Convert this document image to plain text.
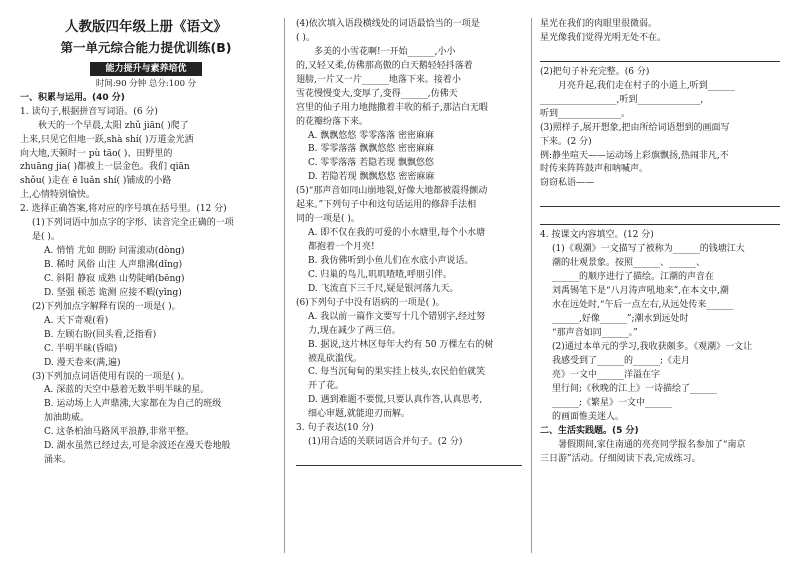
人教版四年级上册《语文》
第一单元综合能力提优训练(B)
能力提升与素养培优

时间:90 分钟 总分:100 分

一、积累与运用。(40 分)

1. 读句子,根据拼音写词语。(6 分)

秋天的一个早晨,太阳 zhǔ jiān( )爬了

上来,只见它但地一跃,shà shí( )万道金光洒

向大地,天顿时一 pù tāo( )、田野里的

zhuāng jia( )都被上一层金色。我们 qiān

shǒu( )走在 ē luǎn shí( )铺成的小路

上,心情特别愉快。

2. 选择正确答案,将对应的序号填在括号里。(12 分)

(1)下列词语中加点字的字形、读音完全正确的一项

是( )。

A. 悄悄 尤如 朗盼 问雷滚动(dòng)

B. 稀时 风俗 山注 人声鼎沸(dǐng)

C. 斜阳 静寂 成熟 山势陡峭(bēng)

D. 坚强 顿恙 诡测 应接不暇(yǐng)

(2)下列加点字解释有误的一项是( )。

A. 天下奇观(看)

B. 左顾右盼(回头看,泛指看)

C. 半明半昧(昏暗)

D. 漫天卷来(满,遍)

(3)下列加点词语使用有误的一项是( )。

A. 深蓝的天空中悬着无数半明半昧的星。

B. 运动场上人声鼎沸,大家都在为自己的班级

加油助威。

C. 这条柏油马路风平浪静,非常平整。

D. 湖水虽然已经过去,可是余波还在漫天卷地般

涌来。

(4)依次填入语段横线处的词语最恰当的一项是

( )。

多美的小雪花啊!一开始______,小小

的,又轻又柔,仿佛那高傲的白天鹅轻轻抖落着

翅膀,一片又一片______地落下来。接着小

雪花慢慢变大,变厚了,变得______,仿佛天

宫里的仙子用力地抛撒着丰收的稻子,那洁白无暇

的花瓣纷落下来。

A. 飘飘悠悠 零零落落 密密麻麻

B. 零零落落 飘飘悠悠 密密麻麻

C. 零零落落 若隐若现 飘飘悠悠

D. 若隐若现 飘飘悠悠 密密麻麻

(5)“那声音如同山崩地裂,好像大地都被震得颤动

起来。”下列句子中和这句话运用的修辞手法相

同的一项是( )。

A. 即不仅在我的可爱的小水塘里,每个小水塘

都抱着一个月亮!

B. 我仿佛听到小鱼儿们在水底小声说话。

C. 归巢的鸟儿,叽叽喳喳,呼朋引伴。

D. 飞流直下三千尺,疑是银河落九天。

(6)下列句子中没有语病的一项是( )。

A. 我以前一篇作文要写十几个错别字,经过努

力,现在减少了两三倍。

B. 据说,这片林区每年大约有 50 万棵左右的树

被乱砍滥伐。

C. 每当沉甸甸的果实挂上枝头,农民伯伯就笑

开了花。

D. 遇到难题不要慌,只要认真作答,认真思考,

细心审题,就能迎刃而解。

3. 句子表达(10 分)

(1)用合适的关联词语合并句子。(2 分)

星光在我们的肉眼里很微弱。

星光像我们觉得光明无处不在。

(2)把句子补充完整。(6 分)

月亮升起,我们走在村子的小道上,听到______

_________________,听到______________,

听到______________。

(3)照样子,展开想象,把由所给词语想到的画面写

下来。(2 分)

例:静坐喧天——运动场上彩旗飘扬,热闹非凡,不

时传来阵阵鼓声和呐喊声。

窃窃私语——

4. 按课文内容填空。(12 分)

(1)《观潮》一文描写了被称为______的钱塘江大

潮的壮观景象。按照______、______、

______的顺序进行了描绘。江潮的声音在

刘禹锡笔下是“八月涛声吼地来”,在本文中,潮

水在远处时,“午后一点左右,从远处传来______

______,好像______”;潮水到远处时

“那声音如同______。”

(2)通过本单元的学习,我收获颇多。《观潮》一文让

我感受到了______的______;《走月

亮》一文中______洋溢在字

里行间;《秋晚的江上》一诗描绘了______

______;《繁星》一文中______

的画面惟美迷人。

二、生活实践题。(5 分)

暑假期间,家住南通的亮亮同学报名参加了“南京

三日游”活动。仔细阅读下表,完成练习。
